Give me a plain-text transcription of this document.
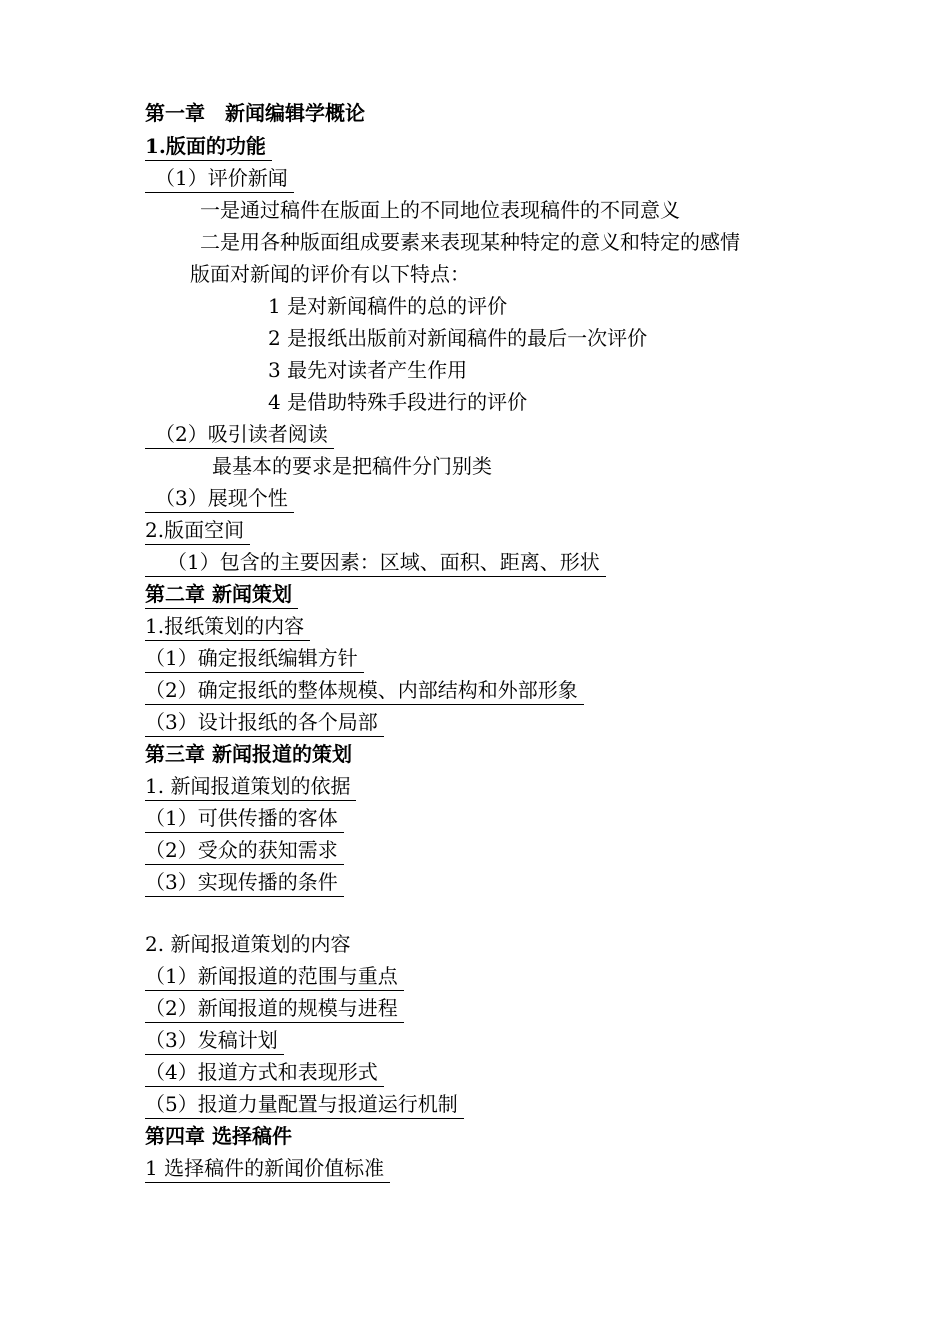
第一章　新闻编辑学概论
1.版面的功能
（1）评价新闻
一是通过稿件在版面上的不同地位表现稿件的不同意义
二是用各种版面组成要素来表现某种特定的意义和特定的感情
版面对新闻的评价有以下特点：
1 是对新闻稿件的总的评价
2 是报纸出版前对新闻稿件的最后一次评价
3 最先对读者产生作用
4 是借助特殊手段进行的评价
（2）吸引读者阅读
最基本的要求是把稿件分门别类
（3）展现个性
2.版面空间
（1）包含的主要因素：区域、面积、距离、形状
第二章 新闻策划
1.报纸策划的内容
（1）确定报纸编辑方针
（2）确定报纸的整体规模、内部结构和外部形象
（3）设计报纸的各个局部
第三章 新闻报道的策划
1. 新闻报道策划的依据
（1）可供传播的客体
（2）受众的获知需求
（3）实现传播的条件
2. 新闻报道策划的内容
（1）新闻报道的范围与重点
（2）新闻报道的规模与进程
（3）发稿计划
（4）报道方式和表现形式
（5）报道力量配置与报道运行机制
第四章 选择稿件
1 选择稿件的新闻价值标准
